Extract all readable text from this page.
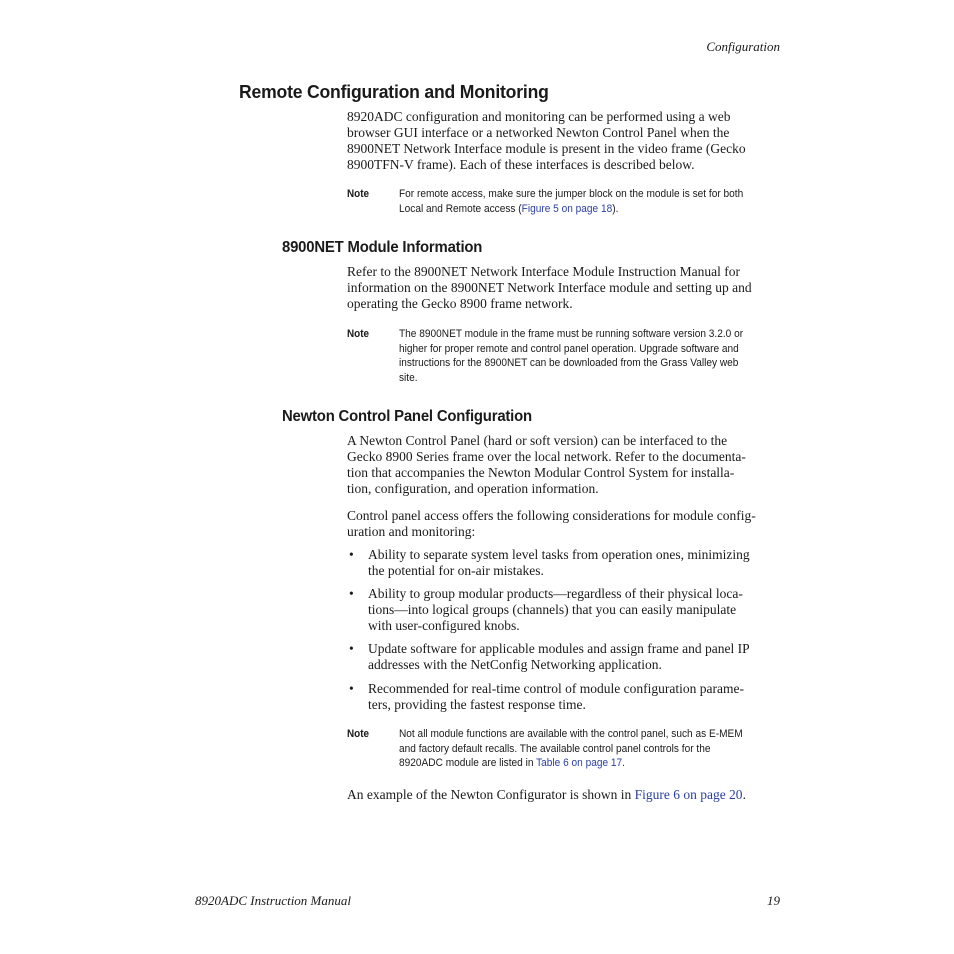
Configuration
Remote Configuration and Monitoring
8920ADC configuration and monitoring can be performed using a web
browser GUI interface or a networked Newton Control Panel when the
8900NET Network Interface module is present in the video frame (Gecko
8900TFN-V frame). Each of these interfaces is described below.
Note	For remote access, make sure the jumper block on the module is set for both
Local and Remote access (Figure 5 on page 18).
8900NET Module Information
Refer to the 8900NET Network Interface Module Instruction Manual for
information on the 8900NET Network Interface module and setting up and
operating the Gecko 8900 frame network.
Note	The 8900NET module in the frame must be running software version 3.2.0 or
higher for proper remote and control panel operation. Upgrade software and
instructions for the 8900NET can be downloaded from the Grass Valley web
site.
Newton Control Panel Configuration
A Newton Control Panel (hard or soft version) can be interfaced to the
Gecko 8900 Series frame over the local network. Refer to the documenta-
tion that accompanies the Newton Modular Control System for installa-
tion, configuration, and operation information.
Control panel access offers the following considerations for module config-
uration and monitoring:
• Ability to separate system level tasks from operation ones, minimizing
the potential for on-air mistakes.
• Ability to group modular products—regardless of their physical loca-
tions—into logical groups (channels) that you can easily manipulate
with user-configured knobs.
• Update software for applicable modules and assign frame and panel IP
addresses with the NetConfig Networking application.
• Recommended for real-time control of module configuration parame-
ters, providing the fastest response time.
Note	Not all module functions are available with the control panel, such as E-MEM
and factory default recalls. The available control panel controls for the
8920ADC module are listed in Table 6 on page 17.
An example of the Newton Configurator is shown in Figure 6 on page 20.
8920ADC Instruction Manual	19
